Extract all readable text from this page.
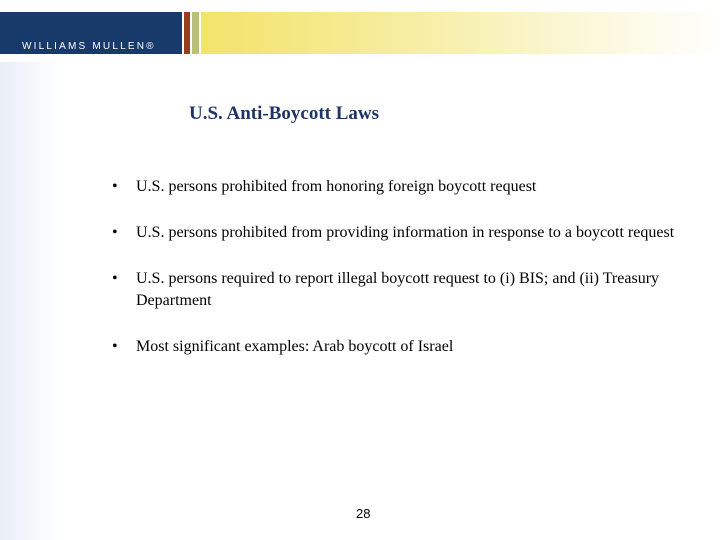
WILLIAMS MULLEN®
U.S. Anti-Boycott Laws
• U.S. persons prohibited from honoring foreign boycott request
• U.S. persons prohibited from providing information in response to a boycott request
• U.S. persons required to report illegal boycott request to (i) BIS; and (ii) Treasury Department
• Most significant examples: Arab boycott of Israel
28
